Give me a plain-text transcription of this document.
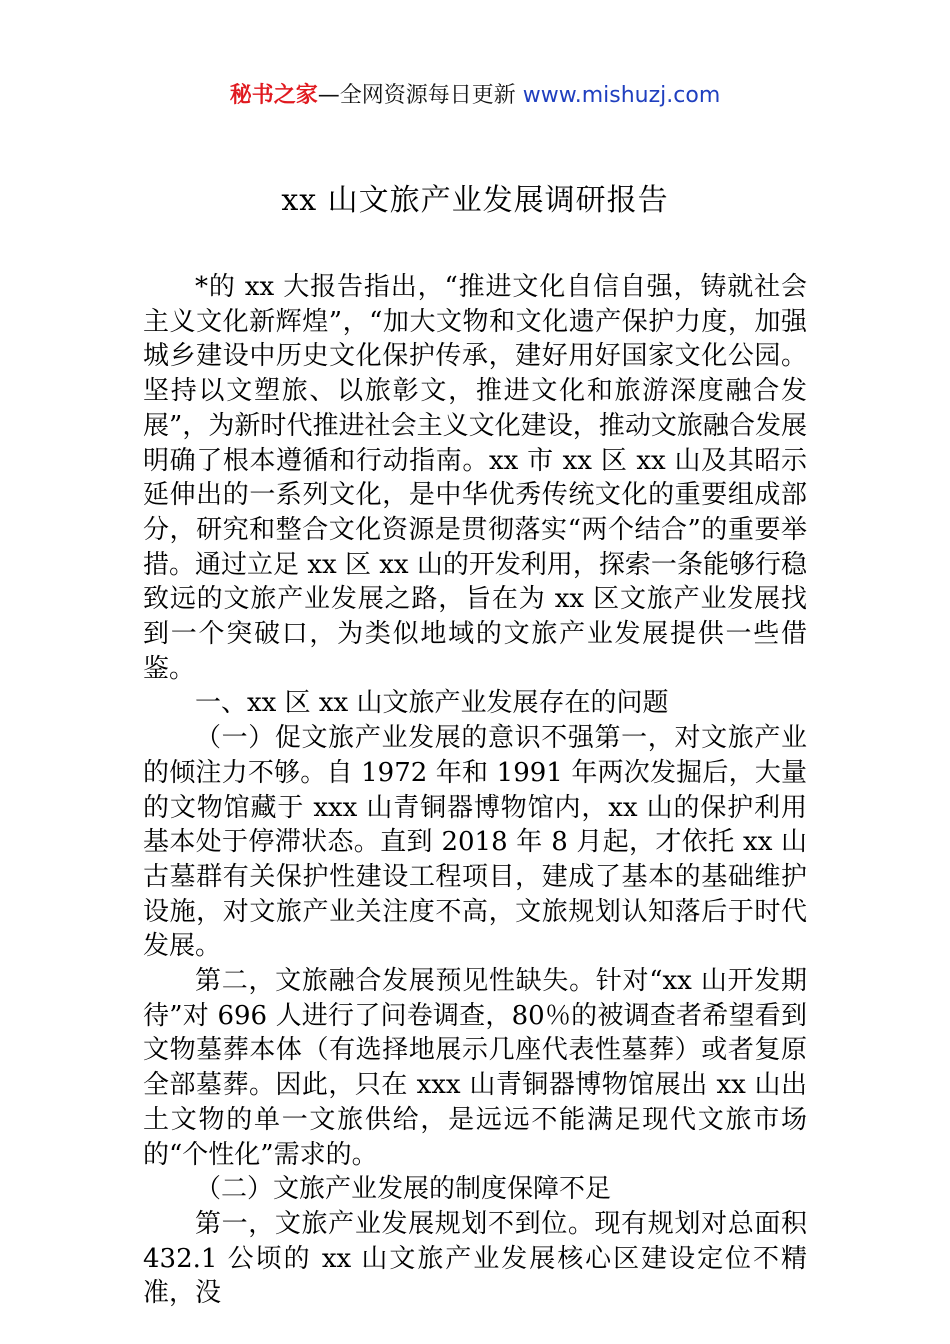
秘书之家—全网资源每日更新 www.mishuzj.com
xx 山文旅产业发展调研报告

*的 xx 大报告指出，“推进文化自信自强，铸就社会主义文化新辉煌”，“加大文物和文化遗产保护力度，加强城乡建设中历史文化保护传承，建好用好国家文化公园。坚持以文塑旅、以旅彰文，推进文化和旅游深度融合发展”，为新时代推进社会主义文化建设，推动文旅融合发展明确了根本遵循和行动指南。xx 市 xx 区 xx 山及其昭示延伸出的一系列文化，是中华优秀传统文化的重要组成部分，研究和整合文化资源是贯彻落实“两个结合”的重要举措。通过立足 xx 区 xx 山的开发利用，探索一条能够行稳致远的文旅产业发展之路，旨在为 xx 区文旅产业发展找到一个突破口，为类似地域的文旅产业发展提供一些借鉴。

一、xx 区 xx 山文旅产业发展存在的问题

（一）促文旅产业发展的意识不强第一，对文旅产业的倾注力不够。自 1972 年和 1991 年两次发掘后，大量的文物馆藏于 xxx 山青铜器博物馆内，xx 山的保护利用基本处于停滞状态。直到 2018 年 8 月起，才依托 xx 山古墓群有关保护性建设工程项目，建成了基本的基础维护设施，对文旅产业关注度不高，文旅规划认知落后于时代发展。

第二，文旅融合发展预见性缺失。针对“xx 山开发期待”对 696 人进行了问卷调查，80％的被调查者希望看到文物墓葬本体（有选择地展示几座代表性墓葬）或者复原全部墓葬。因此，只在 xxx 山青铜器博物馆展出 xx 山出土文物的单一文旅供给，是远远不能满足现代文旅市场的“个性化”需求的。

（二）文旅产业发展的制度保障不足

第一，文旅产业发展规划不到位。现有规划对总面积 432.1 公顷的 xx 山文旅产业发展核心区建设定位不精准，没
